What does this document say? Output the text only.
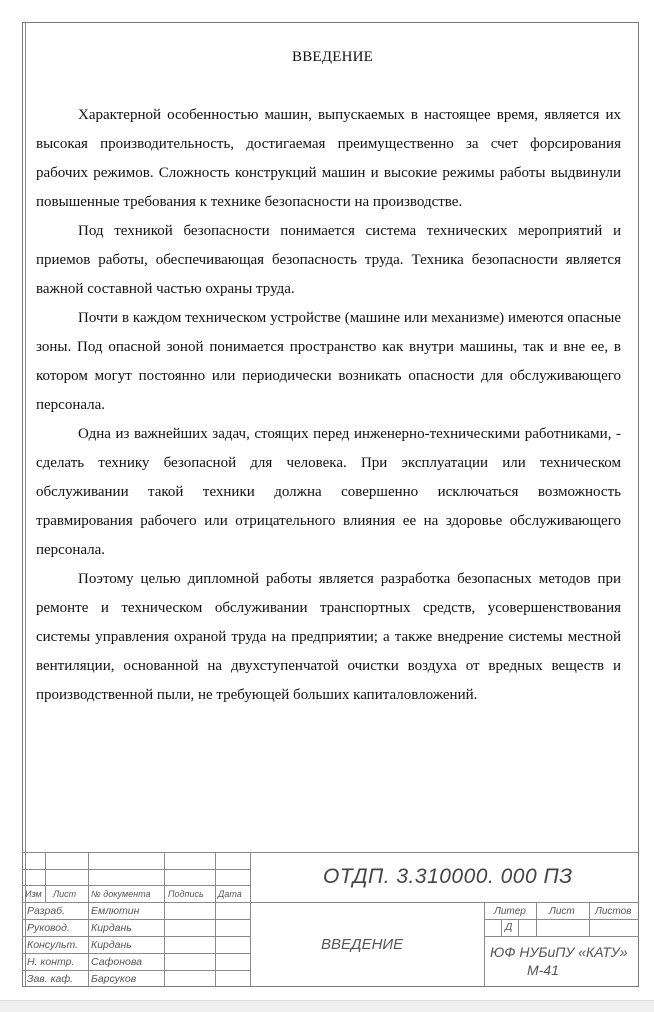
ВВЕДЕНИЕ

Характерной особенностью машин, выпускаемых в настоящее время, является их высокая производительность, достигаемая преимущественно за счет форсирования рабочих режимов. Сложность конструкций машин и высокие режимы работы выдвинули повышенные требования к технике безопасности на производстве.

Под техникой безопасности понимается система технических мероприятий и приемов работы, обеспечивающая безопасность труда. Техника безопасности является важной составной частью охраны труда.

Почти в каждом техническом устройстве (машине или механизме) имеются опасные зоны. Под опасной зоной понимается пространство как внутри машины, так и вне ее, в котором могут постоянно или периодически возникать опасности для обслуживающего персонала.

Одна из важнейших задач, стоящих перед инженерно-техническими работниками, - сделать технику безопасной для человека. При эксплуатации или техническом обслуживании такой техники должна совершенно исключаться возможность травмирования рабочего или отрицательного влияния ее на здоровье обслуживающего персонала.

Поэтому целью дипломной работы является разработка безопасных методов при ремонте и техническом обслуживании транспортных средств, усовершенствования системы управления охраной труда на предприятии; а также внедрение системы местной вентиляции, основанной на двухступенчатой очистки воздуха от вредных веществ и производственной пыли, не требующей больших капиталовложений.

Изм Лист № документа Подпись Дата
Разраб. Емлютин
Руковод. Кирдань
Консульт. Кирдань
Н. контр. Сафонова
Зав. каф. Барсуков
ОТДП. 3.310000. 000 ПЗ
ВВЕДЕНИЕ
Литер Лист Листов
Д
ЮФ НУБиПУ «КАТУ»
М-41
